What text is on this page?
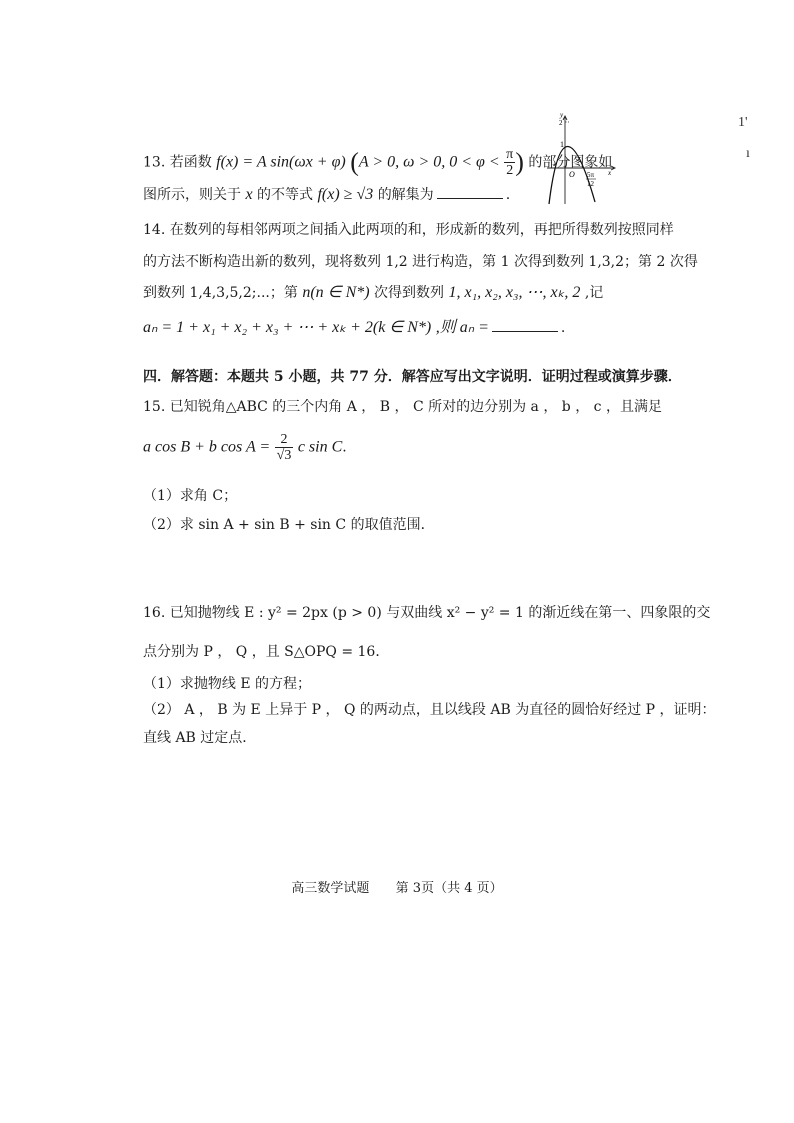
13. 若函数 f(x) = A sin(ωx + φ) (A > 0, ω > 0, $0 < \varphi < \frac{\pi}{2}$ ) 的部分图象如
图所示，则关于 x 的不等式 f(x) ≥ √3 的解集为	.
y
2
1
O	x
5π
12
14. 在数列的每相邻两项之间插入此两项的和，形成新的数列，再把所得数列按照同样
的方法不断构造出新的数列，现将数列 1,2 进行构造，第 1 次得到数列 1,3,2；第 2 次得
到数列 1,4,3,5,2;...；第 n(n ∈ N*) 次得到数列 1, x₁, x₂, x₃, ⋯, xₖ, 2 ,记
aₙ = 1 + x₁ + x₂ + x₃ + ⋯ + xₖ + 2(k ∈ N*) ,则 aₙ =	.
四．解答题：本题共 5 小题，共 77 分．解答应写出文字说明．证明过程或演算步骤．
15. 已知锐角△ABC 的三个内角 A ， B ， C 所对的边分别为 a ， b ， c ，且满足
a cos B + b $\cos A = \frac{2}{√3}$ c sin C.
（1）求角 C；
（2）求 sin A + sin B + sin C 的取值范围．
16. 已知抛物线 E : y² = 2px (p > 0) 与双曲线 x² − y² = 1 的渐近线在第一、四象限的交
点分别为 P ， Q ，且 S△OPQ = 16．
（1）求抛物线 E 的方程；
（2） A ， B 为 E 上异于 P ， Q 的两动点，且以线段 AB 为直径的圆恰好经过 P ，证明：
直线 AB 过定点．
高三数学试题 第 3页（共 4 页）
1'
ı
